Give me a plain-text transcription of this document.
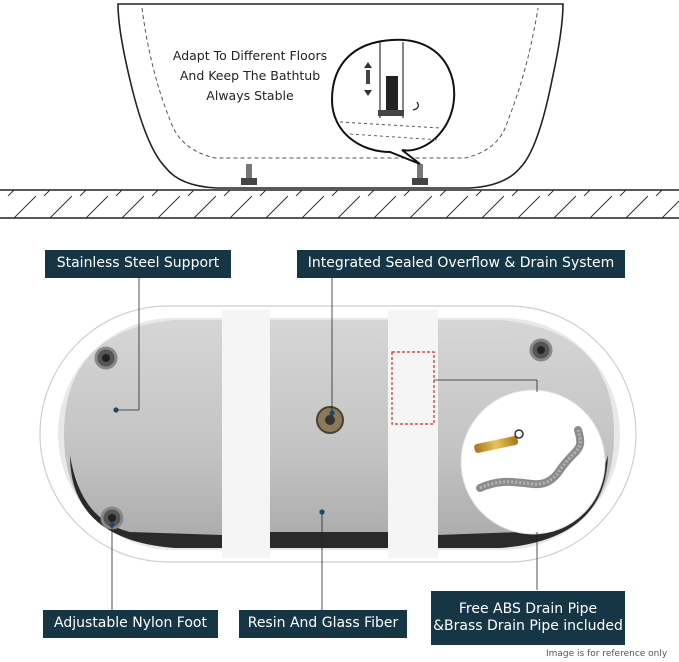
Adapt To Different Floors
And Keep The Bathtub
Always Stable
Stainless Steel Support	Integrated Sealed Overflow & Drain System
Adjustable Nylon Foot	Resin And Glass Fiber
Free ABS Drain Pipe
&Brass Drain Pipe included
Image is for reference only
